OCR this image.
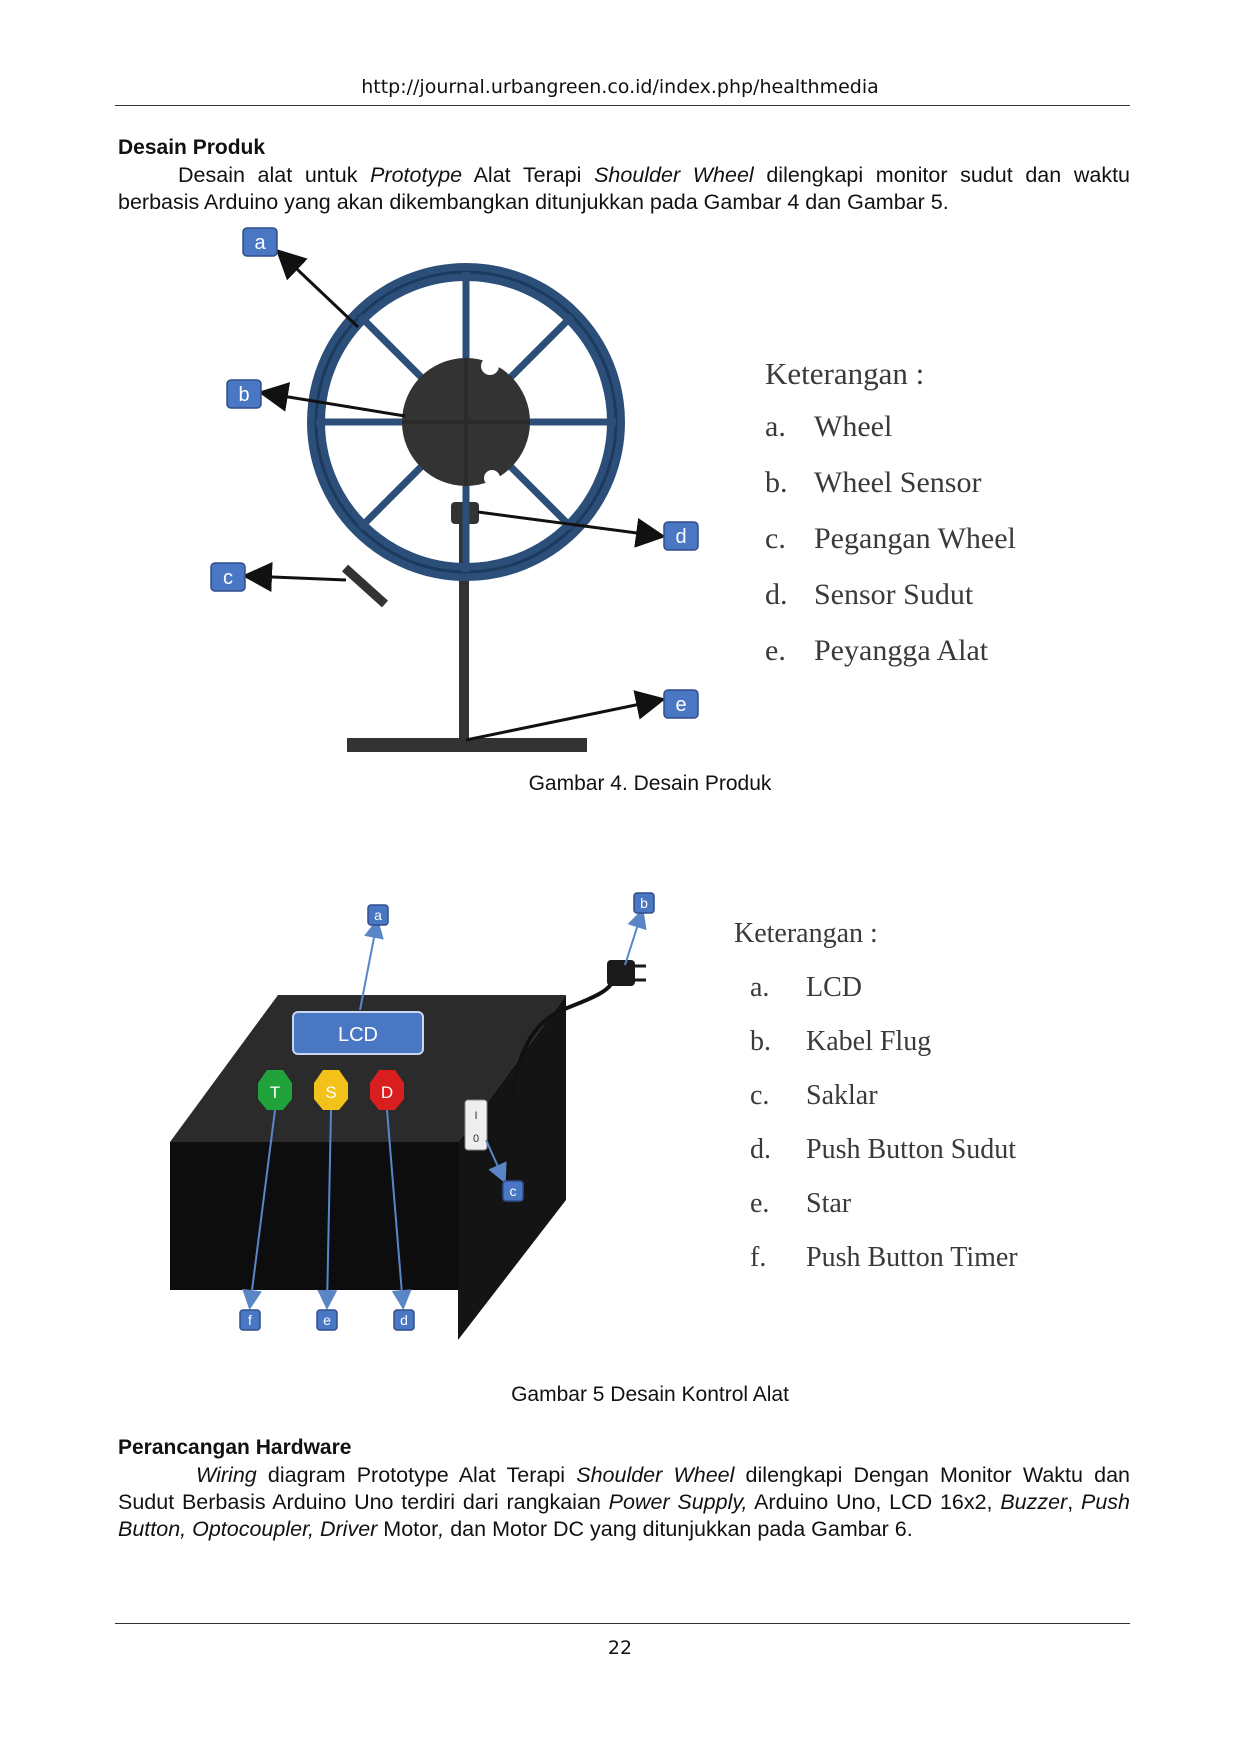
http://journal.urbangreen.co.id/index.php/healthmedia
Desain Produk
Desain alat untuk Prototype Alat Terapi Shoulder Wheel dilengkapi monitor sudut dan waktu berbasis Arduino yang akan dikembangkan ditunjukkan pada Gambar 4 dan Gambar 5.
a
b
c
d
e
Keterangan :
a. Wheel
b. Wheel Sensor
c. Pegangan Wheel
d. Sensor Sudut
e. Peyangga Alat
Gambar 4. Desain Produk
I
0
LCD
T	S	D
a
b
c
d
e
f
Keterangan :
a.	LCD
b.	Kabel Flug
c.	Saklar
d.	Push Button Sudut
e.	Star
f.	Push Button Timer
Gambar 5 Desain Kontrol Alat
Perancangan Hardware
Wiring diagram Prototype Alat Terapi Shoulder Wheel dilengkapi Dengan Monitor Waktu dan Sudut Berbasis Arduino Uno terdiri dari rangkaian Power Supply, Arduino Uno, LCD 16x2, Buzzer, Push Button, Optocoupler, Driver Motor, dan Motor DC yang ditunjukkan pada Gambar 6.
22
